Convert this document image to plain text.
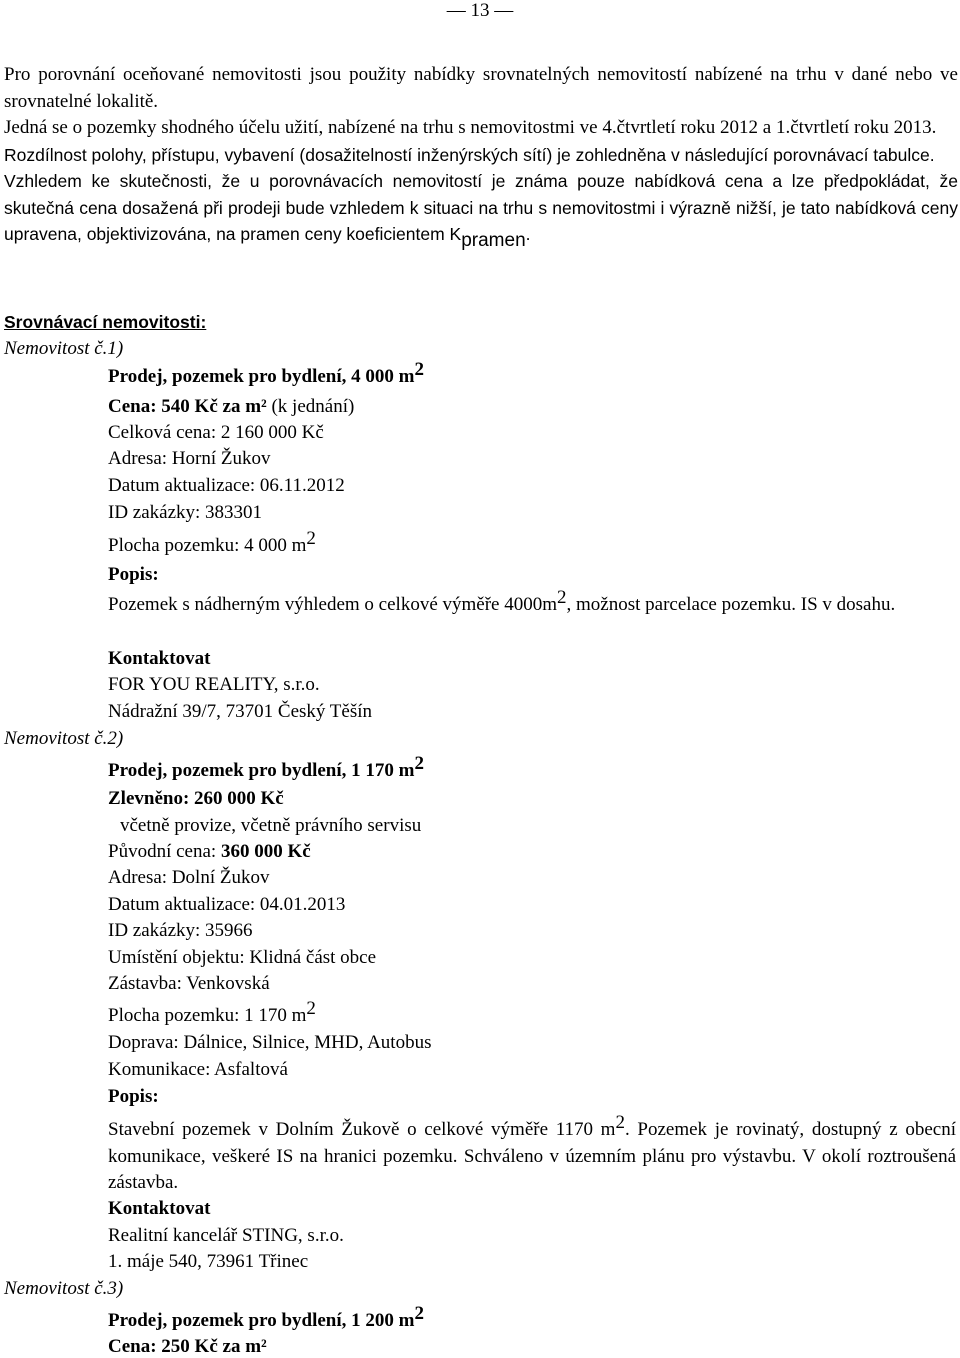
— 13 —

Pro porovnání oceňované nemovitosti jsou použity nabídky srovnatelných nemovitostí nabízené na trhu v dané nebo ve srovnatelné lokalitě.

Jedná se o pozemky shodného účelu užití, nabízené na trhu s nemovitostmi ve 4.čtvrtletí roku 2012 a 1.čtvrtletí roku 2013.

Rozdílnost polohy, přístupu, vybavení (dosažitelností inženýrských sítí) je zohledněna v následující porovnávací tabulce.

Vzhledem ke skutečnosti, že u porovnávacích nemovitostí je známa pouze nabídková cena a lze předpokládat, že skutečná cena dosažená při prodeji bude vzhledem k situaci na trhu s nemovitostmi i výrazně nižší, je tato nabídková ceny upravena, objektivizována, na pramen ceny koeficientem Kpramen.

Srovnávací nemovitosti:
Nemovitost č.1)
Prodej, pozemek pro bydlení, 4 000 $m^2$
Cena: 540 Kč za m² (k jednání)
Celková cena: 2 160 000 Kč
Adresa: Horní Žukov
Datum aktualizace: 06.11.2012
ID zakázky: 383301
Plocha pozemku: 4 000 $m^2$
Popis:
Pozemek s nádherným výhledem o celkové výměře $4000m^2$, možnost parcelace pozemku. IS v dosahu.
Kontaktovat
FOR YOU REALITY, s.r.o.
Nádražní 39/7, 73701 Český Těšín
Nemovitost č.2)
Prodej, pozemek pro bydlení, 1 170 $m^2$
Zlevněno: 260 000 Kč
včetně provize, včetně právního servisu
Původní cena: 360 000 Kč
Adresa: Dolní Žukov
Datum aktualizace: 04.01.2013
ID zakázky: 35966
Umístění objektu: Klidná část obce
Zástavba: Venkovská
Plocha pozemku: 1 170 $m^2$
Doprava: Dálnice, Silnice, MHD, Autobus
Komunikace: Asfaltová
Popis:
Stavební pozemek v Dolním Žukově o celkové výměře 1170 $m^2$. Pozemek je rovinatý, dostupný z obecní komunikace, veškeré IS na hranici pozemku. Schváleno v územním plánu pro výstavbu. V okolí roztroušená zástavba.
Kontaktovat
Realitní kancelář STING, s.r.o.
1. máje 540, 73961 Třinec
Nemovitost č.3)
Prodej, pozemek pro bydlení, 1 200 $m^2$
Cena: 250 Kč za m²
